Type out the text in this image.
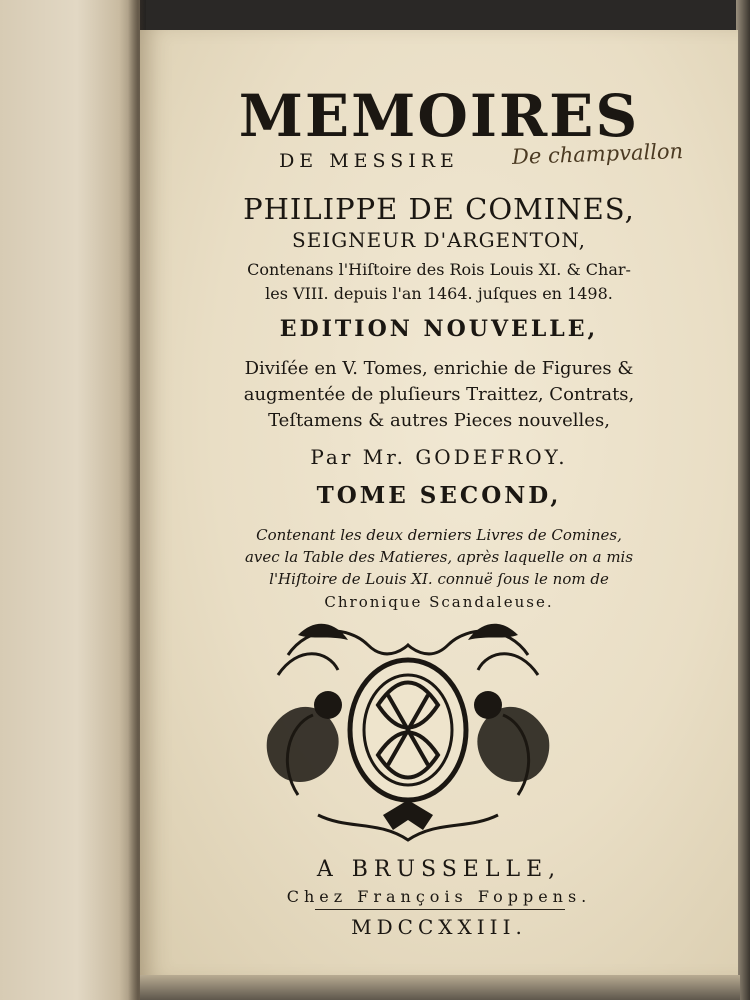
MEMOIRES
DE MESSIRE	De champvallon
PHILIPPE DE COMINES,
SEIGNEUR D'ARGENTON,
Contenans l'Hiſtoire des Rois Louis XI. & Char-
les VIII. depuis l'an 1464. juſques en 1498.
EDITION NOUVELLE,
Diviſée en V. Tomes, enrichie de Figures &
augmentée de pluſieurs Traittez, Contrats,
Teſtamens & autres Pieces nouvelles,
Par Mr. GODEFROY.
TOME SECOND,
Contenant les deux derniers Livres de Comines,
avec la Table des Matieres, après laquelle on a mis
l'Hiſtoire de Louis XI. connuë ſous le nom de
Chronique Scandaleuse.
A BRUSSELLE,
Chez François Foppens.
MDCCXXIII.
